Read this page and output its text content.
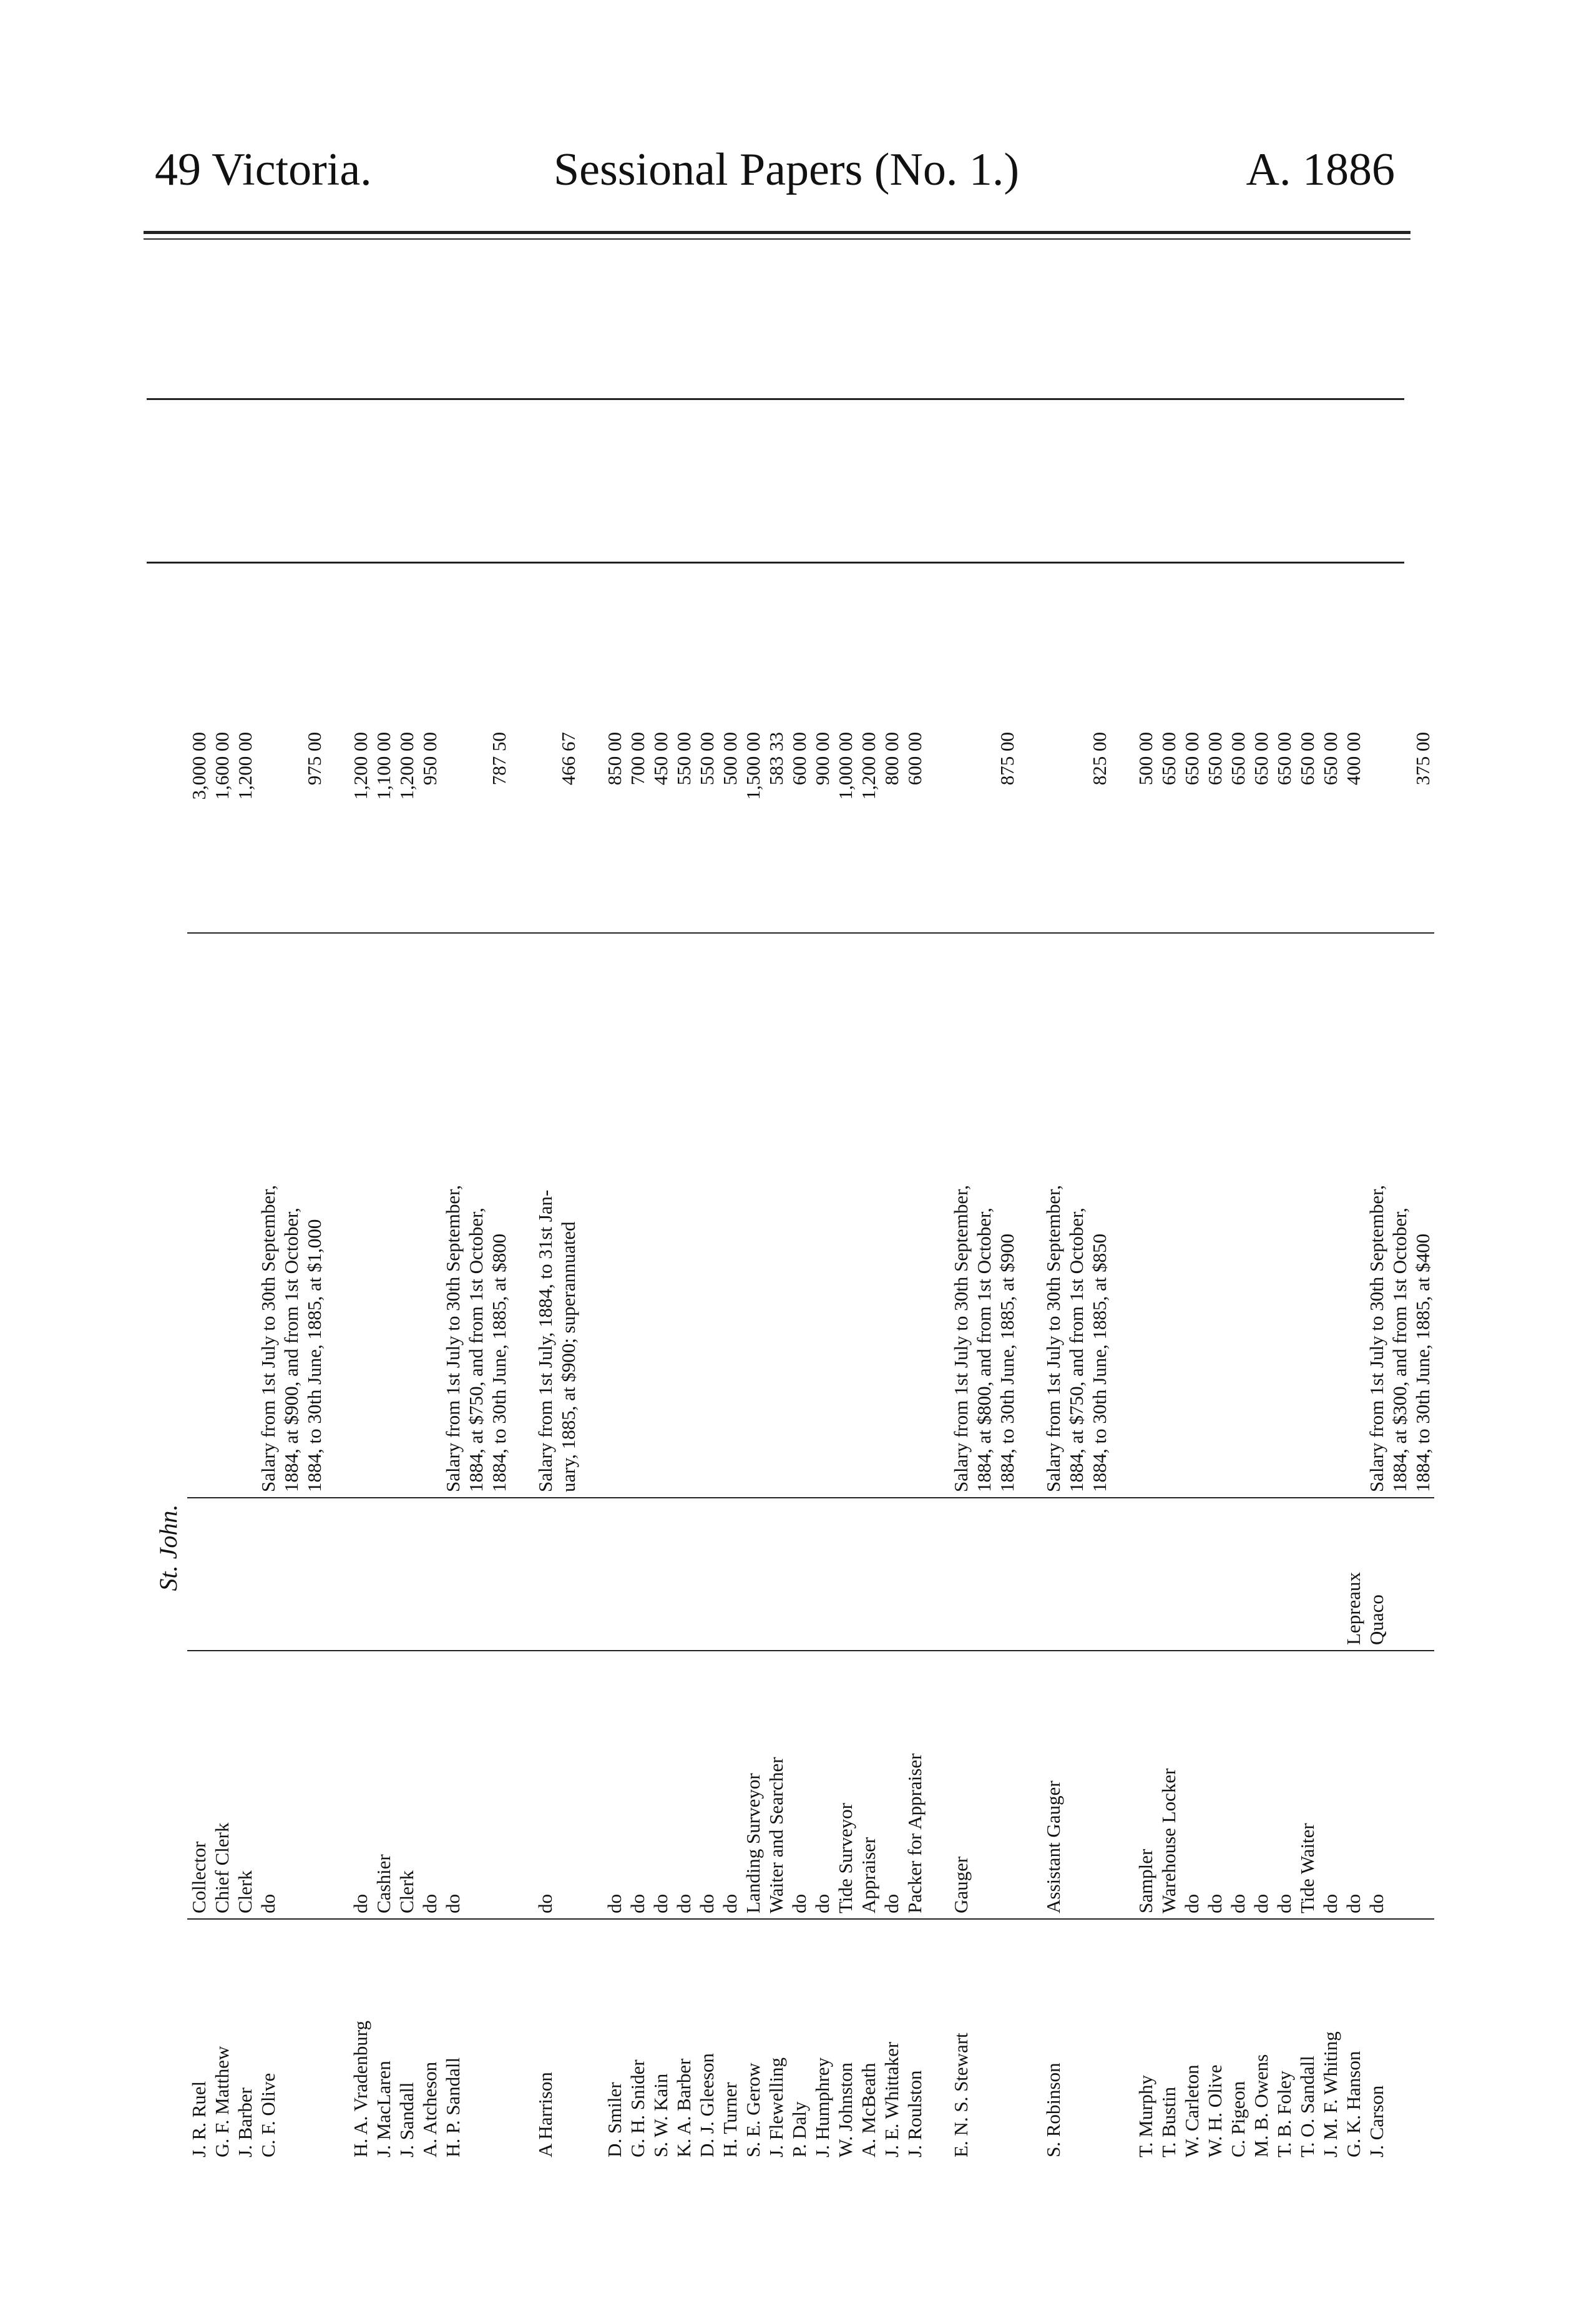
49 Victoria.	Sessional Papers (No. 1.)	A. 1886
St. John.
J. R. Ruel	Collector			3,000 00
G. F. Matthew	Chief Clerk			1,600 00
J. Barber	Clerk			1,200 00
C. F. Olive	do		Salary from 1st July to 30th September,	
			1884, at $900, and from 1st October,	
			1884, to 30th June, 1885, at $1,000	975 00

H. A. Vradenburg	do			1,200 00
J. MacLaren	Cashier			1,100 00
J. Sandall	Clerk			1,200 00
A. Atcheson	do			950 00
H. P. Sandall	do		Salary from 1st July to 30th September,	
			1884, at $750, and from 1st October,	
			1884, to 30th June, 1885, at $800	787 50

A Harrison	do		Salary from 1st July, 1884, to 31st Jan-	
			uary, 1885, at $900; superannuated	466 67

D. Smiler	do			850 00
G. H. Snider	do			700 00
S. W. Kain	do			450 00
K. A. Barber	do			550 00
D. J. Gleeson	do			550 00
H. Turner	do			500 00
S. E. Gerow	Landing Surveyor			1,500 00
J. Flewelling	Waiter and Searcher			583 33
P. Daly	do			600 00
J. Humphrey	do			900 00
W. Johnston	Tide Surveyor			1,000 00
A. McBeath	Appraiser			1,200 00
J. E. Whittaker	do			800 00
J. Roulston	Packer for Appraiser			600 00

E. N. S. Stewart	Gauger		Salary from 1st July to 30th September,	
			1884, at $800, and from 1st October,	
			1884, to 30th June, 1885, at $900	875 00

S. Robinson	Assistant Gauger		Salary from 1st July to 30th September,	
			1884, at $750, and from 1st October,	
			1884, to 30th June, 1885, at $850	825 00

T. Murphy	Sampler			500 00
T. Bustin	Warehouse Locker			650 00
W. Carleton	do			650 00
W. H. Olive	do			650 00
C. Pigeon	do			650 00
M. B. Owens	do			650 00
T. B. Foley	do			650 00
T. O. Sandall	Tide Waiter			650 00
J. M. F. Whiting	do			650 00
G. K. Hanson	do	Lepreaux		400 00
J. Carson	do	Quaco	Salary from 1st July to 30th September,	
			1884, at $300, and from 1st October,	
			1884, to 30th June, 1885, at $400	375 00
